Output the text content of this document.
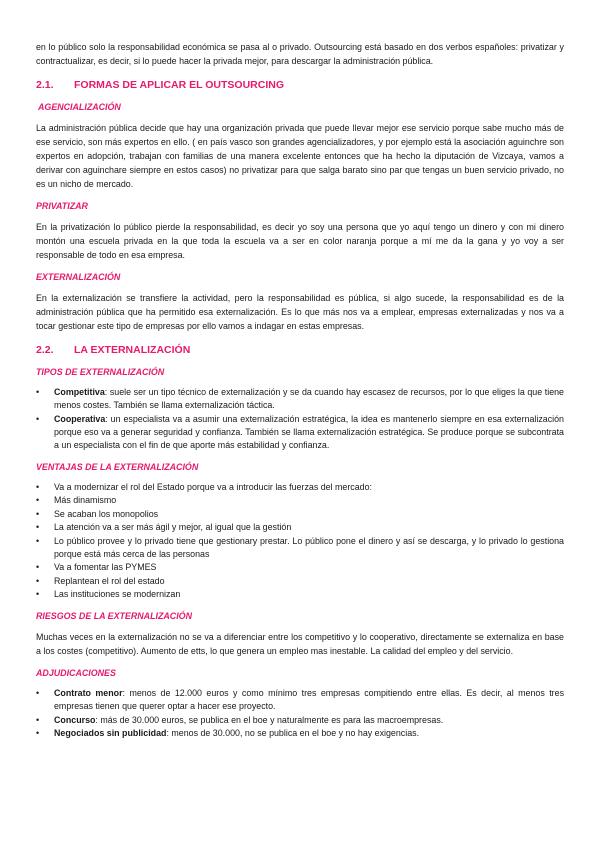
en lo público solo la responsabilidad económica se pasa al o privado. Outsourcing está basado en dos verbos españoles: privatizar y contractualizar, es decir, si lo puede hacer la privada mejor, para descargar la administración pública.

2.1. FORMAS DE APLICAR EL OUTSOURCING
AGENCIALIZACIÓN

La administración pública decide que hay una organización privada que puede llevar mejor ese servicio porque sabe mucho más de ese servicio, son más expertos en ello. ( en país vasco son grandes agencializadores, y por ejemplo está la asociación aguinchre son expertos en adopción, trabajan con familias de una manera excelente entonces que ha hecho la diputación de Vizcaya, vamos a derivar con aguinchare siempre en estos casos) no privatizar para que salga barato sino par que tengas un buen servicio privado, no es un nicho de mercado.

PRIVATIZAR

En la privatización lo público pierde la responsabilidad, es decir yo soy una persona que yo aquí tengo un dinero y con mi dinero montón una escuela privada en la que toda la escuela va a ser en color naranja porque a mí me da la gana y yo voy a ser responsable de todo en esa empresa.

EXTERNALIZACIÓN

En la externalización se transfiere la actividad, pero la responsabilidad es pública, si algo sucede, la responsabilidad es de la administración pública que ha permitido esa externalización. Es lo que más nos va a emplear, empresas externalizadas y nos va a tocar gestionar este tipo de empresas por ello vamos a indagar en estas empresas.

2.2. LA EXTERNALIZACIÓN
TIPOS DE EXTERNALIZACIÓN
• Competitiva: suele ser un tipo técnico de externalización y se da cuando hay escasez de recursos, por lo que eliges la que tiene menos costes. También se llama externalización táctica.
• Cooperativa: un especialista va a asumir una externalización estratégica, la idea es mantenerlo siempre en esa externalización porque eso va a generar seguridad y confianza. También se llama externalización estratégica. Se produce porque se subcontrata a un especialista con el fin de que aporte más estabilidad y confianza.
VENTAJAS DE LA EXTERNALIZACIÓN
• Va a modernizar el rol del Estado porque va a introducir las fuerzas del mercado:
• Más dinamismo
• Se acaban los monopolios
• La atención va a ser más ágil y mejor, al igual que la gestión
• Lo público provee y lo privado tiene que gestionary prestar. Lo público pone el dinero y así se descarga, y lo privado lo gestiona porque está más cerca de las personas
• Va a fomentar las PYMES
• Replantean el rol del estado
• Las instituciones se modernizan
RIESGOS DE LA EXTERNALIZACIÓN

Muchas veces en la externalización no se va a diferenciar entre los competitivo y lo cooperativo, directamente se externaliza en base a los costes (competitivo). Aumento de etts, lo que genera un empleo mas inestable. La calidad del empleo y del servicio.

ADJUDICACIONES
• Contrato menor: menos de 12.000 euros y como mínimo tres empresas compitiendo entre ellas. Es decir, al menos tres empresas tienen que querer optar a hacer ese proyecto.
• Concurso: más de 30.000 euros, se publica en el boe y naturalmente es para las macroempresas.
• Negociados sin publicidad: menos de 30.000, no se publica en el boe y no hay exigencias.
